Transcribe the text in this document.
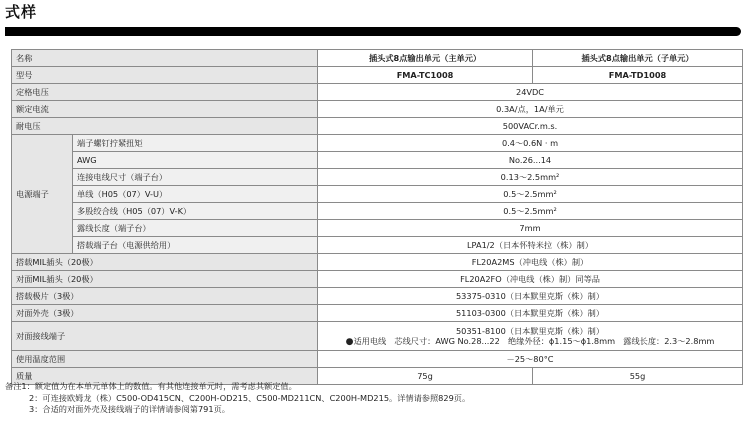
式样
名称		插头式8点输出单元（主单元）	插头式8点输出单元（子单元）
型号		FMA-TC1008	FMA-TD1008
定格电压		24VDC	
额定电流		0.3A/点，1A/单元	
耐电压		500VACr.m.s.	
电源端子	端子螺钉拧紧扭矩	0.4～0.6N · m	
	AWG	No.26...14	
	连接电线尺寸（端子台）	0.13～2.5mm²	
	单线（H05（07）V-U）	0.5～2.5mm²	
	多股绞合线（H05（07）V-K）	0.5～2.5mm²	
	露线长度（端子台）	7mm	
	搭载端子台（电源供给用）	LPA1/2（日本怀特米拉（株）制）	
搭载MIL插头（20极）		FL20A2MS（冲电线（株）制）	
对面MIL插头（20极）		FL20A2FO（冲电线（株）制）同等品	
搭载极片（3极）		53375-0310（日本默里克斯（株）制）	
对面外壳（3极）		51103-0300（日本默里克斯（株）制）	
对面接线端子		50351-8100（日本默里克斯（株）制）
●适用电线　芯线尺寸：AWG No.28...22　绝缘外径：ϕ1.15～ϕ1.8mm　露线长度：2.3～2.8mm	

使用温度范围		－25～80°C	
质量		75g	55g
备注1：额定值为在本单元单体上的数值。有其他连接单元时，需考虑其额定值。
2：可连接欧姆龙（株）C500-OD415CN、C200H-OD215、C500-MD211CN、C200H-MD215。详情请参照829页。
3：合适的对面外壳及接线端子的详情请参阅第791页。
